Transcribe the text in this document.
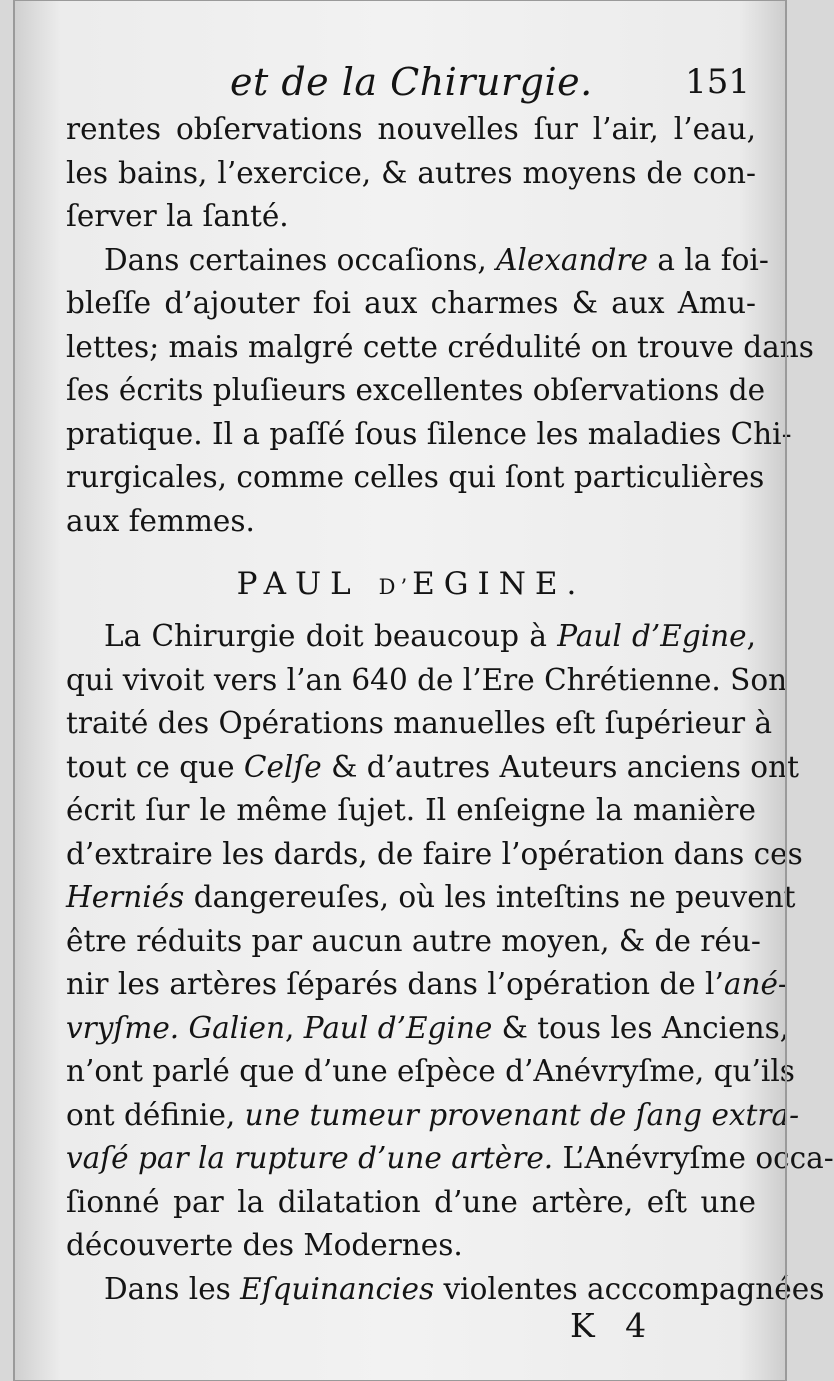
et de la Chirurgie.	151
rentes obſervations nouvelles ſur l’air, l’eau,
les bains, l’exercice, & autres moyens de con-
ſerver la ſanté.
Dans certaines occaſions, Alexandre a la foi-
bleſſe d’ajouter foi aux charmes & aux Amu-
lettes; mais malgré cette crédulité on trouve dans
ſes écrits pluſieurs excellentes obſervations de
pratique. Il a paſſé ſous ſilence les maladies Chi-
rurgicales, comme celles qui ſont particulières
aux femmes.
PAUL D’EGINE.
La Chirurgie doit beaucoup à Paul d’Egine,
qui vivoit vers l’an 640 de l’Ere Chrétienne. Son
traité des Opérations manuelles eſt ſupérieur à
tout ce que Celſe & d’autres Auteurs anciens ont
écrit ſur le même ſujet. Il enſeigne la manière
d’extraire les dards, de faire l’opération dans ces
Herniés dangereuſes, où les inteſtins ne peuvent
être réduits par aucun autre moyen, & de réu-
nir les artères ſéparés dans l’opération de l’ané-
vryſme. Galien, Paul d’Egine & tous les Anciens,
n’ont parlé que d’une eſpèce d’Anévryſme, qu’ils
ont définie, une tumeur provenant de ſang extra-
vaſé par la rupture d’une artère. L’Anévryſme occa-
ſionné par la dilatation d’une artère, eſt une
découverte des Modernes.
Dans les Eſquinancies violentes acccompagnées
K 4
